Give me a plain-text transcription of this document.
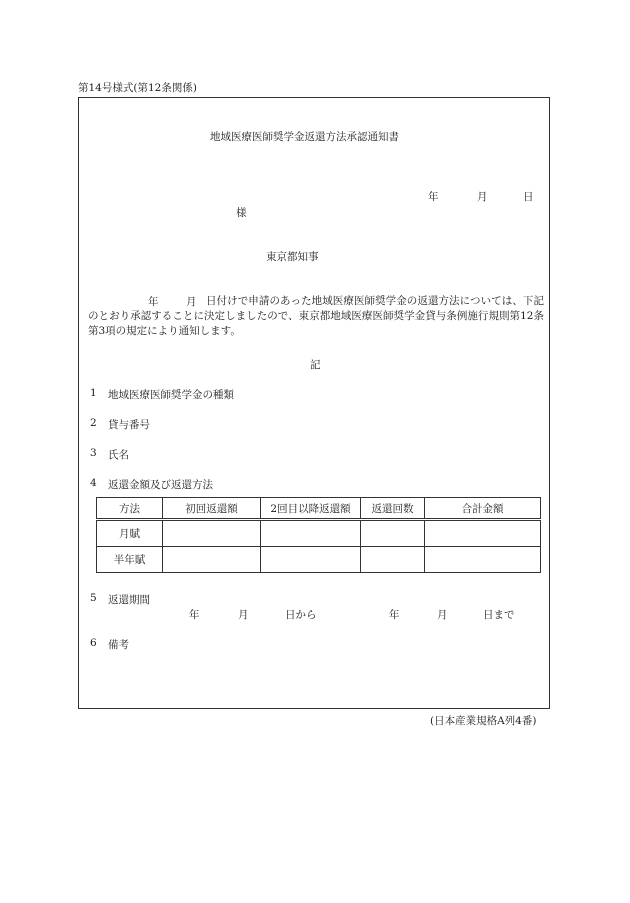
第14号様式(第12条関係)
地域医療医師奨学金返還方法承認通知書
年	月	日
様
東京都知事
年	月 日付けで申請のあった地域医療医師奨学金の返還方法については、下記のとおり承認することに決定しましたので、東京都地域医療医師奨学金貸与条例施行規則第12条第3項の規定により通知します。
記
1 地域医療医師奨学金の種類
2 貸与番号
3 氏名
4 返還金額及び返還方法
方法	初回返還額	2回目以降返還額	返還回数	合計金額
月賦				
半年賦				
5 返還期間
年	月	日から	年	月	日まで
6 備考
(日本産業規格A列4番)
